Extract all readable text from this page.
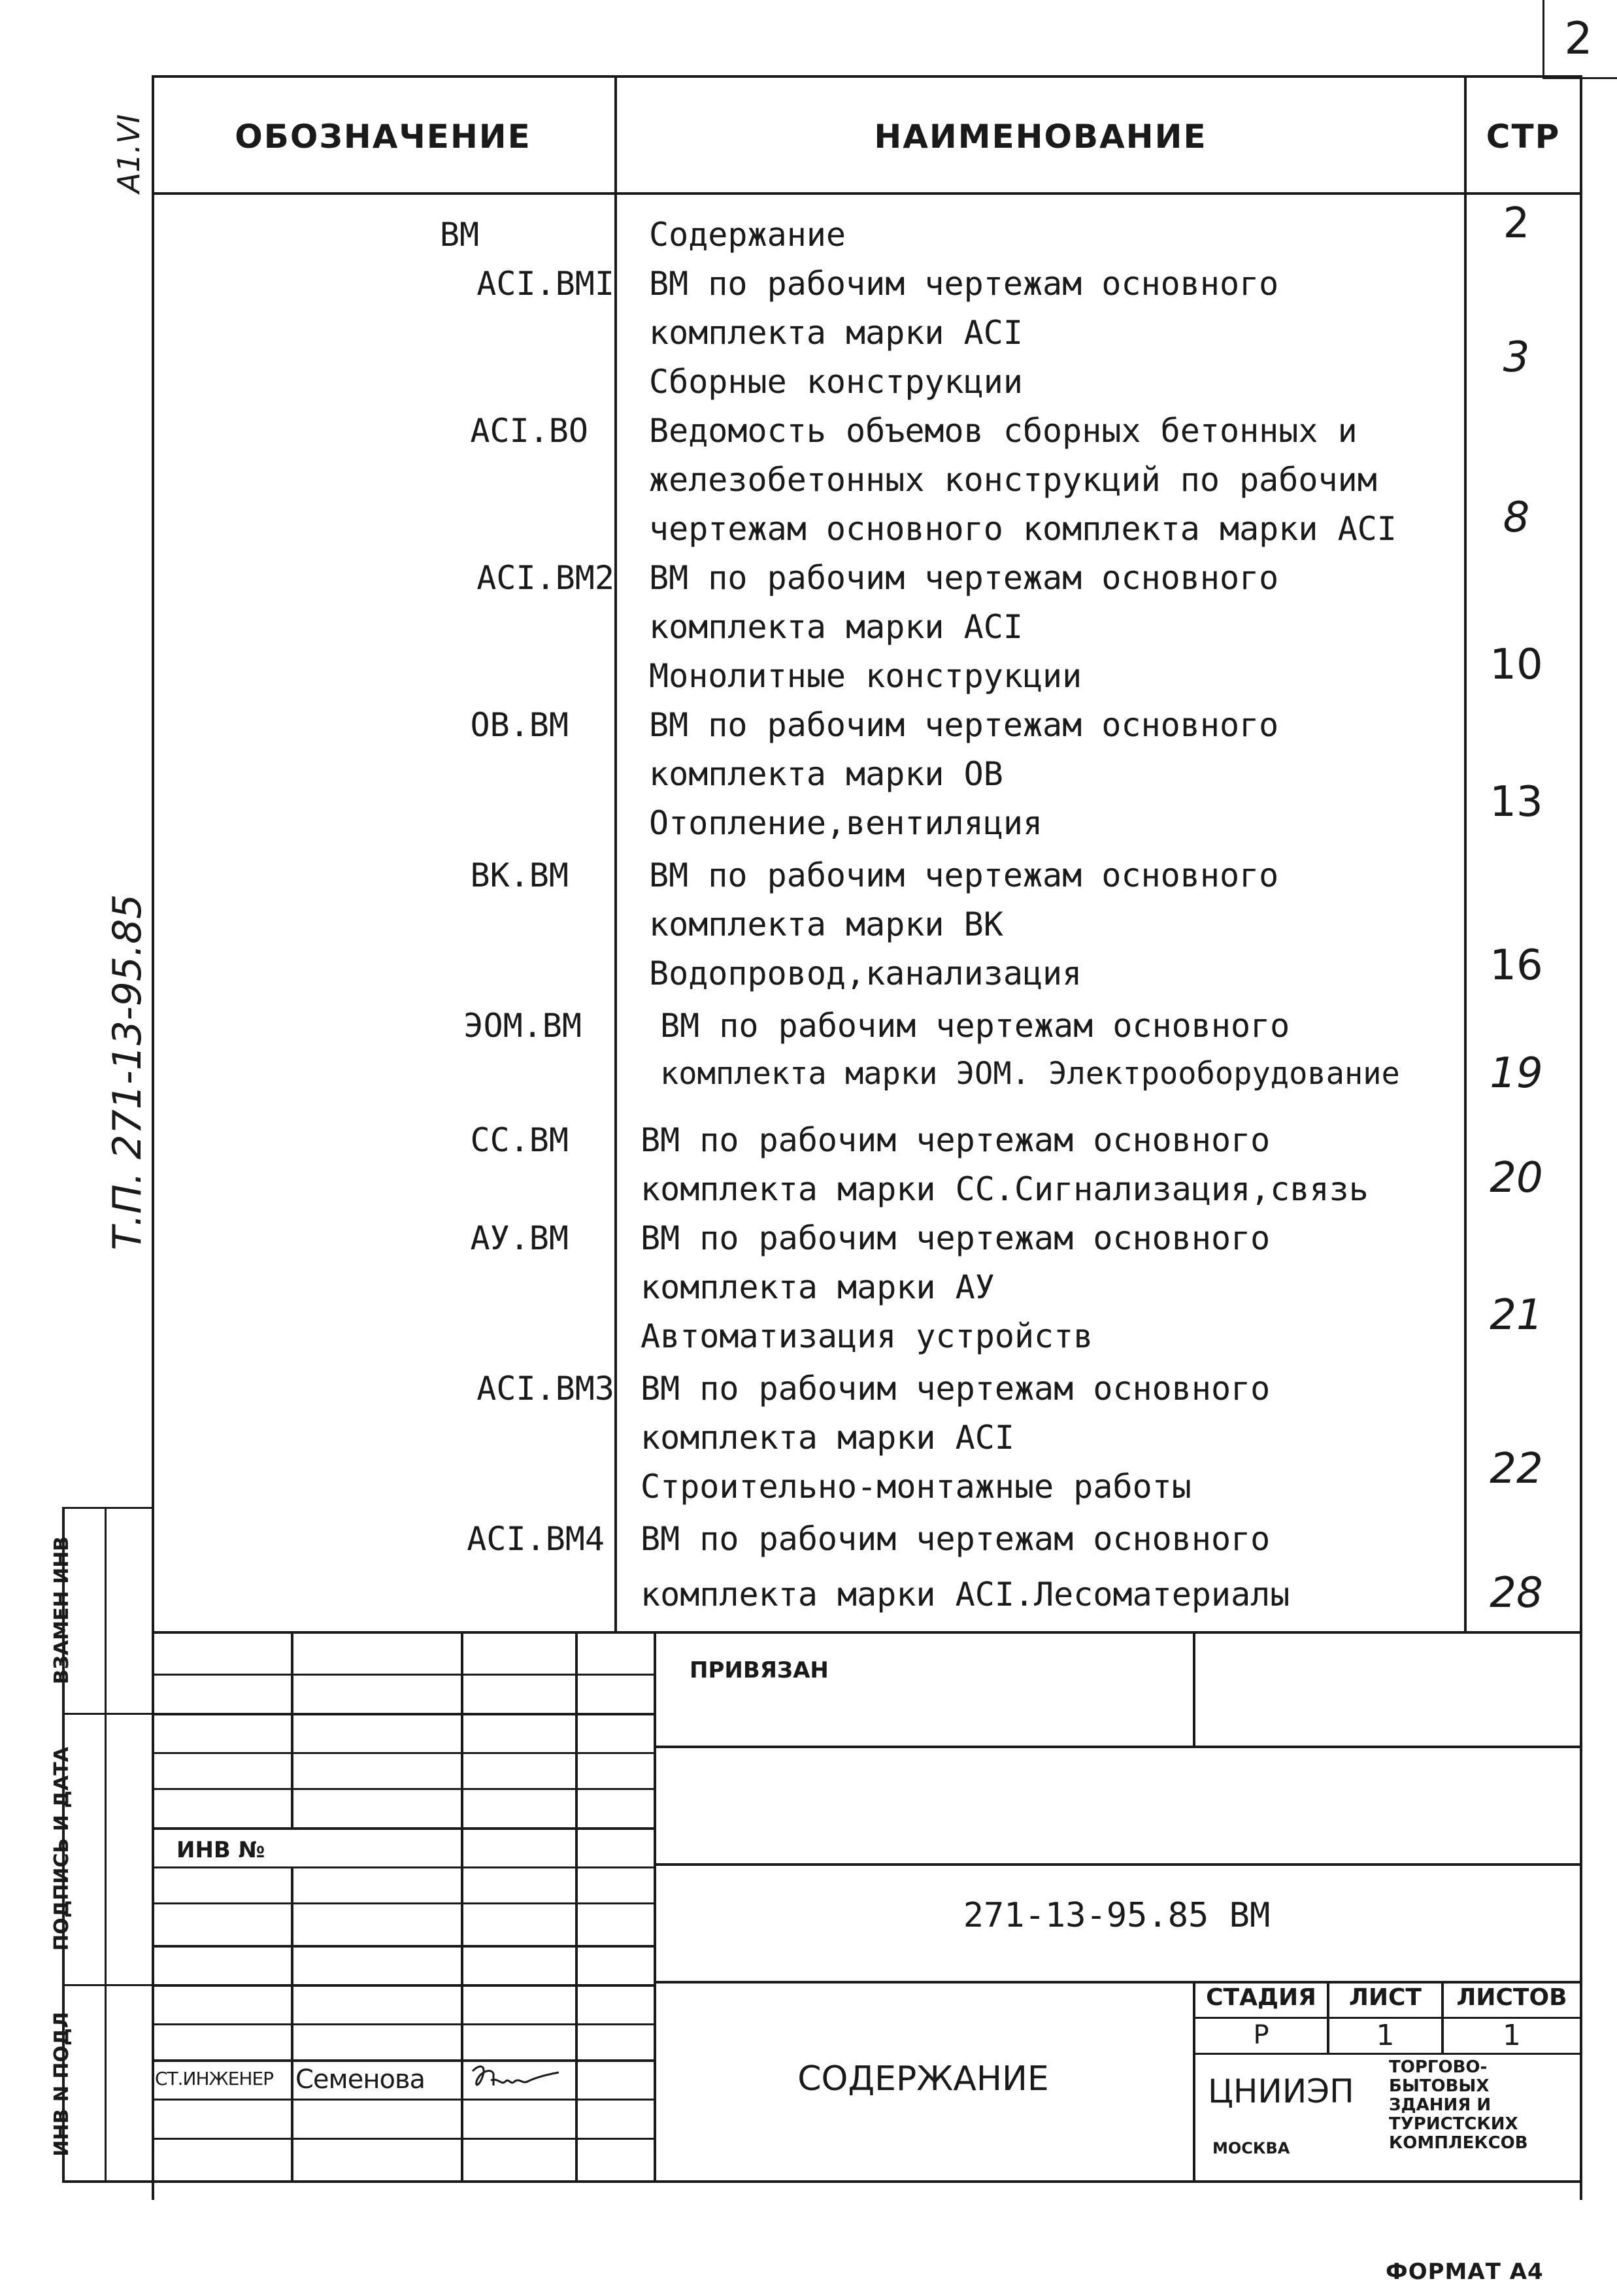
2
А1.VI
Т.П. 271-13-95.85
ВЗАМЕН ИНВ
ПОДПИСЬ И ДАТА
ИНВ N ПОДЛ
ОБОЗНАЧЕНИЕ	НАИМЕНОВАНИЕ	СТР
ВМ	Содержание	2
АСI.ВМI ВМ по рабочим чертежам основного
комплекта марки АСI
Сборные конструкции	3
АСI.ВО Ведомость объемов сборных бетонных и
железобетонных конструкций по рабочим
чертежам основного комплекта марки АСI	8
АСI.ВМ2 ВМ по рабочим чертежам основного
комплекта марки АСI
Монолитные конструкции	10
ОВ.ВМ ВМ по рабочим чертежам основного
комплекта марки ОВ
Отопление,вентиляция	13
ВК.ВМ ВМ по рабочим чертежам основного
комплекта марки ВК
Водопровод,канализация	16
ЭОМ.ВМ ВМ по рабочим чертежам основного
комплекта марки ЭОМ. Электрооборудование	19
СС.ВМ ВМ по рабочим чертежам основного
комплекта марки СС.Сигнализация,связь	20
АУ.ВМ ВМ по рабочим чертежам основного
комплекта марки АУ
Автоматизация устройств	21
АСI.ВМ3 ВМ по рабочим чертежам основного
комплекта марки АСI
Строительно-монтажные работы	22
АСI.ВМ4 ВМ по рабочим чертежам основного
комплекта марки АСI.Лесоматериалы	28
ПРИВЯЗАН
ИНВ №
271-13-95.85 ВМ
СТАДИЯ	ЛИСТ	ЛИСТОВ
Р	1	1
СОДЕРЖАНИЕ
СТ.ИНЖЕНЕР Семенова	ЦНИИЭП
МОСКВА
ТОРГОВО-
БЫТОВЫХ
ЗДАНИЯ И
ТУРИСТСКИХ
КОМПЛЕКСОВ
ФОРМАТ А4
